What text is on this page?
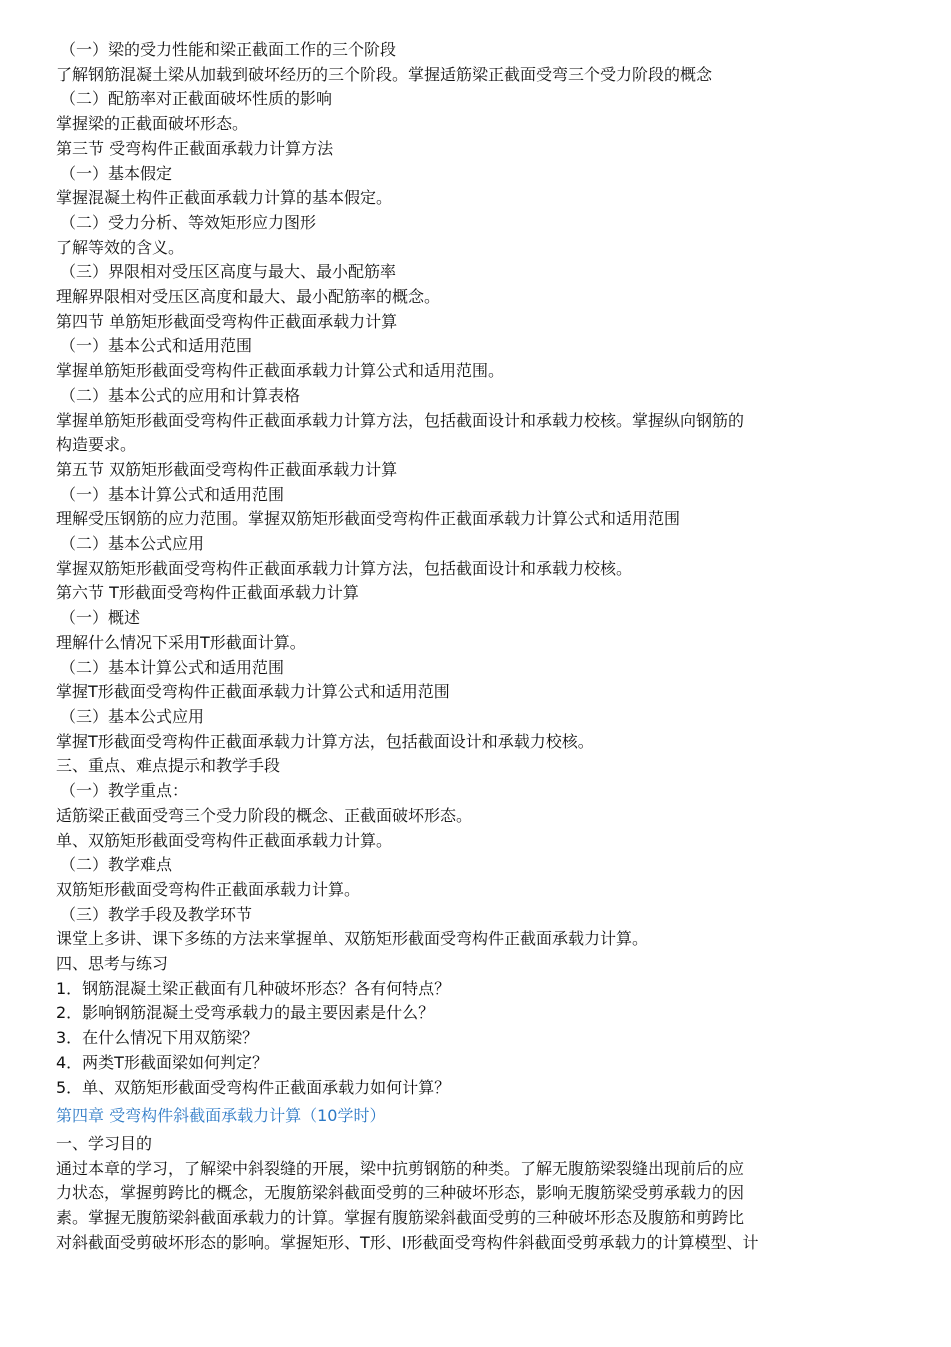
（一）梁的受力性能和梁正截面工作的三个阶段

了解钢筋混凝土梁从加载到破坏经历的三个阶段。掌握适筋梁正截面受弯三个受力阶段的概念

（二）配筋率对正截面破坏性质的影响

掌握梁的正截面破坏形态。

第三节 受弯构件正截面承载力计算方法

（一）基本假定

掌握混凝土构件正截面承载力计算的基本假定。

（二）受力分析、等效矩形应力图形

了解等效的含义。

（三）界限相对受压区高度与最大、最小配筋率

理解界限相对受压区高度和最大、最小配筋率的概念。

第四节 单筋矩形截面受弯构件正截面承载力计算

（一）基本公式和适用范围

掌握单筋矩形截面受弯构件正截面承载力计算公式和适用范围。

（二）基本公式的应用和计算表格

掌握单筋矩形截面受弯构件正截面承载力计算方法，包括截面设计和承载力校核。掌握纵向钢筋的

构造要求。

第五节 双筋矩形截面受弯构件正截面承载力计算

（一）基本计算公式和适用范围

理解受压钢筋的应力范围。掌握双筋矩形截面受弯构件正截面承载力计算公式和适用范围

（二）基本公式应用

掌握双筋矩形截面受弯构件正截面承载力计算方法，包括截面设计和承载力校核。

第六节 T形截面受弯构件正截面承载力计算

（一）概述

理解什么情况下采用T形截面计算。

（二）基本计算公式和适用范围

掌握T形截面受弯构件正截面承载力计算公式和适用范围

（三）基本公式应用

掌握T形截面受弯构件正截面承载力计算方法，包括截面设计和承载力校核。

三、重点、难点提示和教学手段

（一）教学重点：

适筋梁正截面受弯三个受力阶段的概念、正截面破坏形态。

单、双筋矩形截面受弯构件正截面承载力计算。

（二）教学难点

双筋矩形截面受弯构件正截面承载力计算。

（三）教学手段及教学环节

课堂上多讲、课下多练的方法来掌握单、双筋矩形截面受弯构件正截面承载力计算。

四、思考与练习

1．钢筋混凝土梁正截面有几种破坏形态？各有何特点？

2．影响钢筋混凝土受弯承载力的最主要因素是什么？

3．在什么情况下用双筋梁？

4．两类T形截面梁如何判定？

5．单、双筋矩形截面受弯构件正截面承载力如何计算？

第四章 受弯构件斜截面承载力计算（10学时）

一、学习目的

通过本章的学习，了解梁中斜裂缝的开展，梁中抗剪钢筋的种类。了解无腹筋梁裂缝出现前后的应

力状态，掌握剪跨比的概念，无腹筋梁斜截面受剪的三种破坏形态，影响无腹筋梁受剪承载力的因

素。掌握无腹筋梁斜截面承载力的计算。掌握有腹筋梁斜截面受剪的三种破坏形态及腹筋和剪跨比

对斜截面受剪破坏形态的影响。掌握矩形、T形、I形截面受弯构件斜截面受剪承载力的计算模型、计
